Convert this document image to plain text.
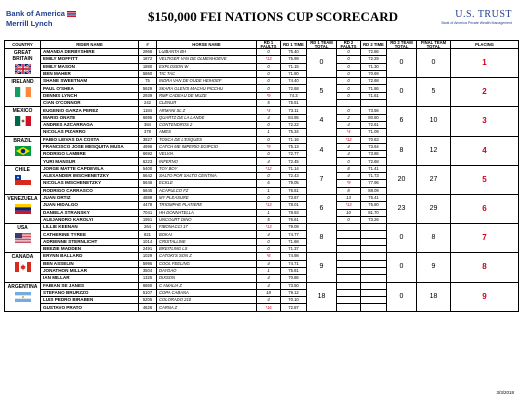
Bank of America
Merrill Lynch	$150,000 FEI NATIONS CUP SCORECARD	U.S. TRUST
Bank of America Private Wealth Management
COUNTRY	RIDER NAME	#	HORSE NAME	RD 1 FAULTS	RD 1 TIME	RD 1 TEAM TOTAL	RD 2 FAULTS	RD 2 TIME	RD 2 TEAM TOTAL	FINAL TEAM TOTAL	PLACING

GREAT
BRITAIN	AMANDA DERBYSHIRE	2968	LUIBANTA BH	0	75.40	0	0	72.86	0	0	1
	EMILY MOFFITT	1872	VELTIGER VAN DE OLMENHOEVE	*13	75.99		0	72.29			
	EMILY MASON	1880	EXPLOSION W	0	71.15		0	71.30			
	BEN MAHER	5860	TIC TAC	0	71.80		0	70.69			

IRELAND	SHANE SWEETNAM	75	INDRA VAN DE OUDE HEIHOEF	0	74.40	5	0	72.68	0	5	2
	PAUL O'SHEA	5629	SKARA GLEN'S MACHU PICCHU	0	72.68		0	71.86			
	DENNIS LYNCH	2939	RMF CADEAU DE MUZE	*9	74.3		0	71.61			
	CIAN O'CONNOR	242	CLENUR	5	75.51						

MEXICO	EUGENIO GARZA PEREZ	1184	ARMANI SL Z	*4	73.11	4	0	73.56	6	10	3
	MARIO ONATE	6695	QUARTZ DE LA LANDE	4	84.95		2	80.80			
	ANDRES AZCARRAGA	384	CONTENDROS 2	0	72.22		4	72.61			
	NICOLAS PIZARRO	378	AMES	1	75.34		*4	71.09			

BRAZIL	FABIO LEIVAS DA COSTA	3827	TOSCA DE L'ESQUES	0	71.16	4	*12	70.63	8	12	4
	FRANCISCO JOSE MESQUITA MUSA	4696	CATCH ME IMPERIO EGIPCIO	*9	75.13		4	73.64			
	RODRIGO LAMBRE	6692	VELVIA	0	72.77		4	73.86			
	YURI MANSUR	6223	INFERNO	4	72.45		0	72.68			

CHILE	JORGE MATTE CAPDEVILA	5400	TOY BOY	*12	71.14	7	8	71.41	20	27	5
	ALEXANDER IMSCHENETZKY	5642	SALTO POR SALTO CENTINA	0	72.43		4	71.73			
	NICOLAS IMSCHENETZKY	5646	ECKLE	6	79.05		*9	77.96			
	RODRIGO CARRASCO	5645	ACAPULCO FZ	1	76.61		8	88.09			

VENEZUELA	JUAN ORTIZ	4889	MY PLEASURE	0	73.67	6	13	75.41	23	29	6
	JUAN HIDALGO	4478	TRIOMPHE PLATIERE	*13	78.01		*13	75.80			
	DANIELA STRANSKY	7041	HH DONNATELLA	1	78.93		10	81.70			
	ALEJANDRO KAROLYI	1951	UNCOURT DINO	5	76.61		0	73.26			

USA	LILLIE KEENAN	264	FIBONACCI 17	*13	79.09	8			0	8	7
	CATHERINE TYREE	821	BOKAI	4	74.77						
	ADRIENNE STERNLICHT	1014	CRISTALLINE	0	71.68						
	BEEZIE MADDEN	2491	BREITLING LS	0	71.37						

CANADA	ERYNN BALLARD	1029	CATOKI'S SON Z	*8	74.98	9			0	9	8
	BEN ASSELIN	5995	COOL FEELING	4	74.71						
	JONATHON MILLAR	3504	DAYDAO	1	75.81						
	IAN MILLAR	1325	DIXSON	4	70.86						

ARGENTINA	FABIAN SE JANES	6860	C AMALIA Z	4	73.50	18			0	18	9
	STEFANO BRURZZO	5107	COPA CABANA	18	79.12						
	LUIS PEDRO BIRABEN	5205	COLORADO 210	4	70.10						
	GUSTAVO PRATO	4626	CARNA Z	*16	72.87						
3/3/2018
